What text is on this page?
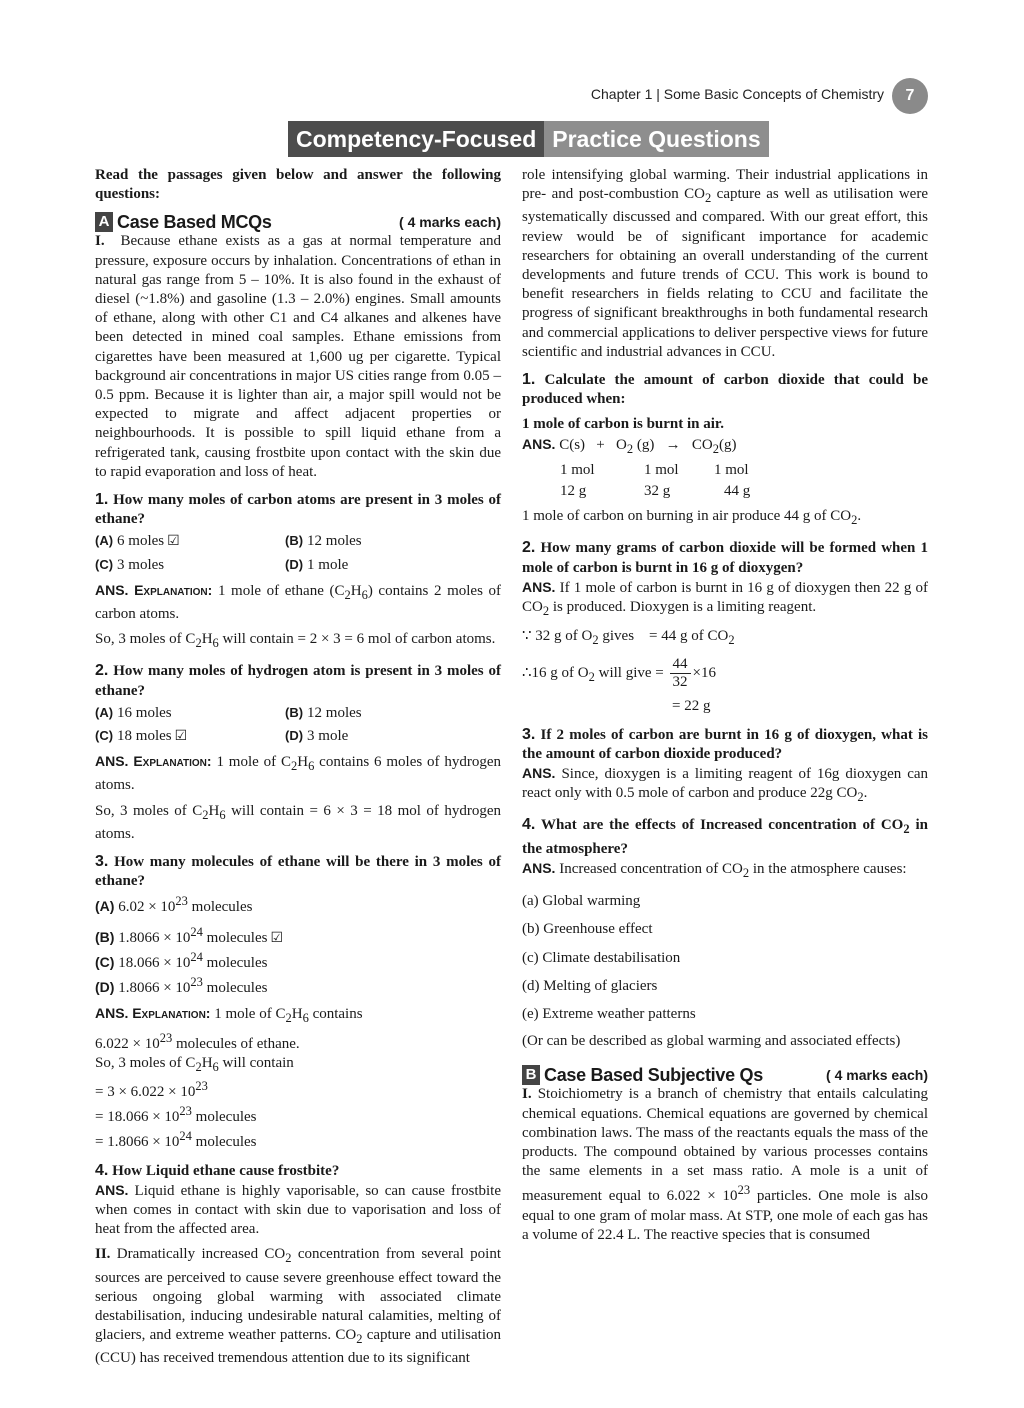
Chapter 1 | Some Basic Concepts of Chemistry	7
Competency-Focused Practice Questions

Read the passages given below and answer the following questions:

A Case Based MCQs	( 4 marks each)

I. Because ethane exists as a gas at normal temperature and pressure, exposure occurs by inhalation. Concentrations of ethan in natural gas range from 5 – 10%. It is also found in the exhaust of diesel (~1.8%) and gasoline (1.3 – 2.0%) engines. Small amounts of ethane, along with other C1 and C4 alkanes and alkenes have been detected in mined coal samples. Ethane emissions from cigarettes have been measured at 1,600 ug per cigarette. Typical background air concentrations in major US cities range from 0.05 – 0.5 ppm. Because it is lighter than air, a major spill would not be expected to migrate and affect adjacent properties or neighbourhoods. It is possible to spill liquid ethane from a refrigerated tank, causing frostbite upon contact with the skin due to rapid evaporation and loss of heat.

1. How many moles of carbon atoms are present in 3 moles of ethane?

(A) 6 moles ☑	(B) 12 moles
(C) 3 moles	(D) 1 mole

ANS. Explanation: 1 mole of ethane $(C_2H_6)$ contains 2 moles of carbon atoms.

So, 3 moles of $C_2H_6$ will contain = 2 × 3 = 6 mol of carbon atoms.

2. How many moles of hydrogen atom is present in 3 moles of ethane?

(A) 16 moles	(B) 12 moles
(C) 18 moles ☑	(D) 3 mole

ANS. Explanation: 1 mole of $C_2H_6$ contains 6 moles of hydrogen atoms.

So, 3 moles of $C_2H_6$ will contain = 6 × 3 = 18 mol of hydrogen atoms.

3. How many molecules of ethane will be there in 3 moles of ethane?

(A) $6.02 \times 10^{23}$ molecules

(B) $1.8066 \times 10^{24}$ molecules ☑

(C) $18.066 \times 10^{24}$ molecules

(D) $1.8066 \times 10^{23}$ molecules

ANS. Explanation: 1 mole of $C_2H_6$ contains

$6.022 \times 10^{23}$ molecules of ethane.

So, 3 moles of $C_2H_6$ will contain

= $3 \times 6.022 \times 10^{23}$

= $18.066 \times 10^{23}$ molecules

= $1.8066 \times 10^{24}$ molecules

4. How Liquid ethane cause frostbite?

ANS. Liquid ethane is highly vaporisable, so can cause frostbite when comes in contact with skin due to vaporisation and loss of heat from the affected area.

II. Dramatically increased $CO_2$ concentration from several point sources are perceived to cause severe greenhouse effect toward the serious ongoing global warming with associated climate destabilisation, inducing undesirable natural calamities, melting of glaciers, and extreme weather patterns. $CO_2$ capture and utilisation (CCU) has received tremendous attention due to its significant

role intensifying global warming. Their industrial applications in pre- and post-combustion $CO_2$ capture as well as utilisation were systematically discussed and compared. With our great effort, this review would be of significant importance for academic researchers for obtaining an overall understanding of the current developments and future trends of CCU. This work is bound to benefit researchers in fields relating to CCU and facilitate the progress of significant breakthroughs in both fundamental research and commercial applications to deliver perspective views for future scientific and industrial advances in CCU.

1. Calculate the amount of carbon dioxide that could be produced when:

1 mole of carbon is burnt in air.

ANS. $C(s) + O_2$ $(g) \to CO_2(g)$

1 mol	1 mol	1 mol
12 g	32 g	44 g

1 mole of carbon on burning in air produce 44 g of $CO_2$.

2. How many grams of carbon dioxide will be formed when 1 mole of carbon is burnt in 16 g of dioxygen?

ANS. If 1 mole of carbon is burnt in 16 g of dioxygen then 22 g of $CO_2$ is produced. Dioxygen is a limiting reagent.

∵ 32 g of $O_2$ gives = 44 g of $CO_2$

∴16 g of $O_2$ will give = $\frac{44}{32} \times 16$

= 22 g

3. If 2 moles of carbon are burnt in 16 g of dioxygen, what is the amount of carbon dioxide produced?

ANS. Since, dioxygen is a limiting reagent of 16g dioxygen can react only with 0.5 mole of carbon and produce 22g $CO_2$.

4. What are the effects of Increased concentration of $CO_2$ in the atmosphere?

ANS. Increased concentration of $CO_2$ in the atmosphere causes:

(a) Global warming

(b) Greenhouse effect

(c) Climate destabilisation

(d) Melting of glaciers

(e) Extreme weather patterns

(Or can be described as global warming and associated effects)

B Case Based Subjective Qs	( 4 marks each)

I. Stoichiometry is a branch of chemistry that entails calculating chemical equations. Chemical equations are governed by chemical combination laws. The mass of the reactants equals the mass of the products. The compound obtained by various processes contains the same elements in a set mass ratio. A mole is a unit of measurement equal to $6.022 \times 10^{23}$ particles. One mole is also equal to one gram of molar mass. At STP, one mole of each gas has a volume of 22.4 L. The reactive species that is consumed
